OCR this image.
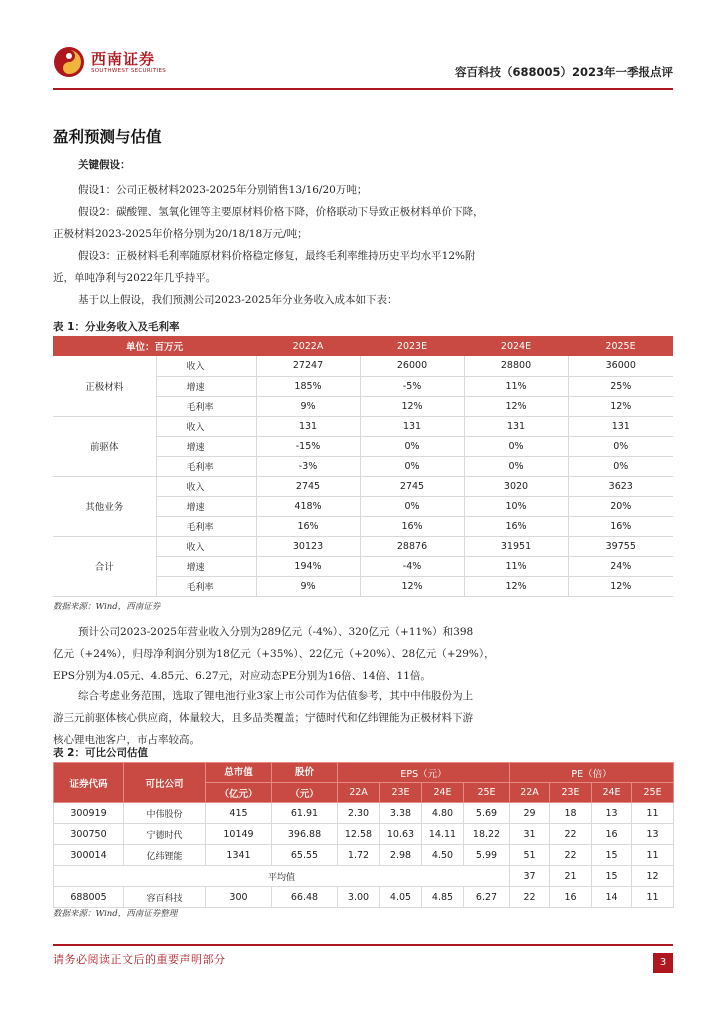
西南证券
SOUTHWEST SECURITIES	容百科技（688005）2023年一季报点评
盈利预测与估值
关键假设：
假设1：公司正极材料2023-2025年分别销售13/16/20万吨；
假设2：碳酸锂、氢氧化锂等主要原材料价格下降，价格联动下导致正极材料单价下降，
正极材料2023-2025年价格分别为20/18/18万元/吨；
假设3：正极材料毛利率随原材料价格稳定修复，最终毛利率维持历史平均水平12%附
近，单吨净利与2022年几乎持平。
基于以上假设，我们预测公司2023-2025年分业务收入成本如下表：
表 1：分业务收入及毛利率
单位：百万元		2022A	2023E	2024E	2025E
正极材料	收入	27247	26000	28800	36000
	增速	185%	-5%	11%	25%
	毛利率	9%	12%	12%	12%
前驱体	收入	131	131	131	131
	增速	-15%	0%	0%	0%
	毛利率	-3%	0%	0%	0%
其他业务	收入	2745	2745	3020	3623
	增速	418%	0%	10%	20%
	毛利率	16%	16%	16%	16%
合计	收入	30123	28876	31951	39755
	增速	194%	-4%	11%	24%
	毛利率	9%	12%	12%	12%
数据来源：Wind，西南证券
预计公司2023-2025年营业收入分别为289亿元（-4%）、320亿元（+11%）和398
亿元（+24%），归母净利润分别为18亿元（+35%）、22亿元（+20%）、28亿元（+29%），
EPS分别为4.05元、4.85元、6.27元，对应动态PE分别为16倍、14倍、11倍。
综合考虑业务范围，选取了锂电池行业3家上市公司作为估值参考，其中中伟股份为上
游三元前驱体核心供应商，体量较大，且多品类覆盖；宁德时代和亿纬锂能为正极材料下游
核心锂电池客户，市占率较高。
表 2：可比公司估值
证券代码	可比公司	总市值	股价	EPS（元）				PE（倍）			
		（亿元）	（元）	22A	23E	24E	25E	22A	23E	24E	25E
300919	中伟股份	415	61.91	2.30	3.38	4.80	5.69	29	18	13	11
300750	宁德时代	10149	396.88	12.58	10.63	14.11	18.22	31	22	16	13
300014	亿纬锂能	1341	65.55	1.72	2.98	4.50	5.99	51	22	15	11
平均值								37	21	15	12
688005	容百科技	300	66.48	3.00	4.05	4.85	6.27	22	16	14	11
数据来源：Wind，西南证券整理
请务必阅读正文后的重要声明部分	3
